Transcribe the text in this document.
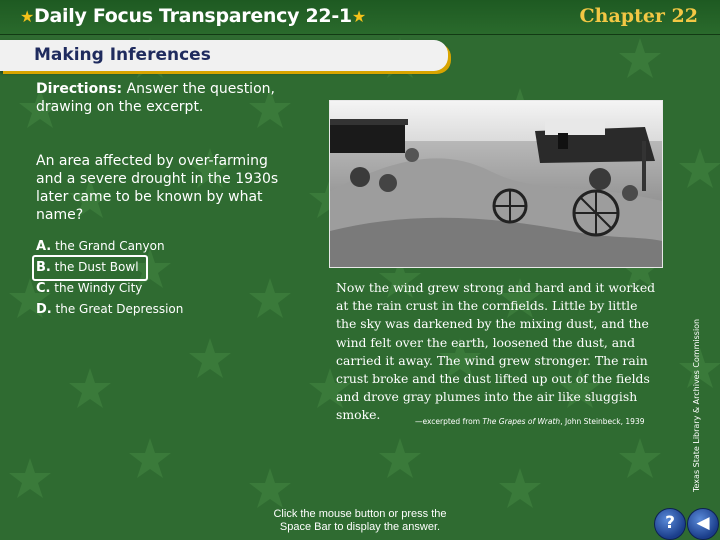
★Daily Focus Transparency 22-1★	Chapter 22
Making Inferences
Directions: Answer the question, drawing on the excerpt.
An area affected by over-farming and a severe drought in the 1930s later came to be known by what name?
A. the Grand Canyon
B. the Dust Bowl
C. the Windy City
D. the Great Depression
Now the wind grew strong and hard and it worked at the rain crust in the cornfields. Little by little the sky was darkened by the mixing dust, and the wind felt over the earth, loosened the dust, and carried it away. The wind grew stronger. The rain crust broke and the dust lifted up out of the fields and drove gray plumes into the air like sluggish smoke.	—excerpted from The Grapes of Wrath, John Steinbeck, 1939	Texas State Library & Archives Commission
Click the mouse button or press the
Space Bar to display the answer.	?	◀
